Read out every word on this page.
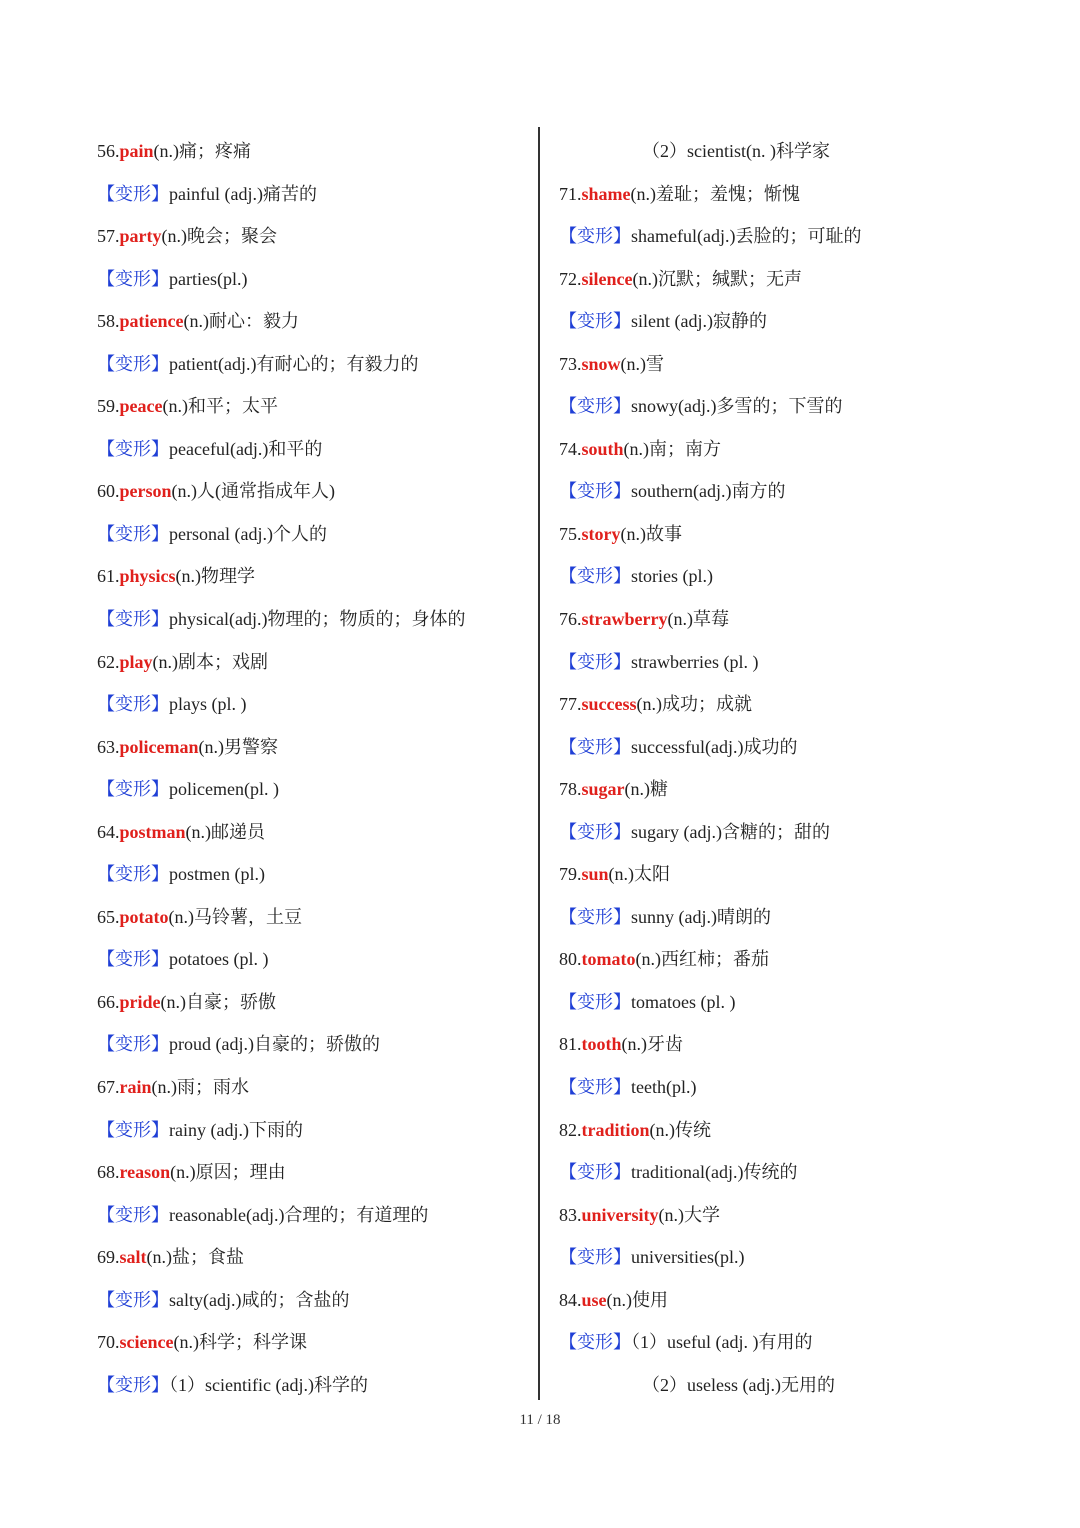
56.pain(n.)痛；疼痛
【变形】painful (adj.)痛苦的
57.party(n.)晚会；聚会
【变形】parties(pl.)
58.patience(n.)耐心：毅力
【变形】patient(adj.)有耐心的；有毅力的
59.peace(n.)和平；太平
【变形】peaceful(adj.)和平的
60.person(n.)人(通常指成年人)
【变形】personal (adj.)个人的
61.physics(n.)物理学
【变形】physical(adj.)物理的；物质的；身体的
62.play(n.)剧本；戏剧
【变形】plays (pl. )
63.policeman(n.)男警察
【变形】policemen(pl. )
64.postman(n.)邮递员
【变形】postmen (pl.)
65.potato(n.)马铃薯，土豆
【变形】potatoes (pl. )
66.pride(n.)自豪；骄傲
【变形】proud (adj.)自豪的；骄傲的
67.rain(n.)雨；雨水
【变形】rainy (adj.)下雨的
68.reason(n.)原因；理由
【变形】reasonable(adj.)合理的；有道理的
69.salt(n.)盐；食盐
【变形】salty(adj.)咸的；含盐的
70.science(n.)科学；科学课
【变形】（1）scientific (adj.)科学的
（2）scientist(n. )科学家
71.shame(n.)羞耻；羞愧；惭愧
【变形】shameful(adj.)丢脸的；可耻的
72.silence(n.)沉默；缄默；无声
【变形】silent (adj.)寂静的
73.snow(n.)雪
【变形】snowy(adj.)多雪的；下雪的
74.south(n.)南；南方
【变形】southern(adj.)南方的
75.story(n.)故事
【变形】stories (pl.)
76.strawberry(n.)草莓
【变形】strawberries (pl. )
77.success(n.)成功；成就
【变形】successful(adj.)成功的
78.sugar(n.)糖
【变形】sugary (adj.)含糖的；甜的
79.sun(n.)太阳
【变形】sunny (adj.)晴朗的
80.tomato(n.)西红柿；番茄
【变形】tomatoes (pl. )
81.tooth(n.)牙齿
【变形】teeth(pl.)
82.tradition(n.)传统
【变形】traditional(adj.)传统的
83.university(n.)大学
【变形】universities(pl.)
84.use(n.)使用
【变形】（1）useful (adj. )有用的
（2）useless (adj.)无用的
11 / 18
